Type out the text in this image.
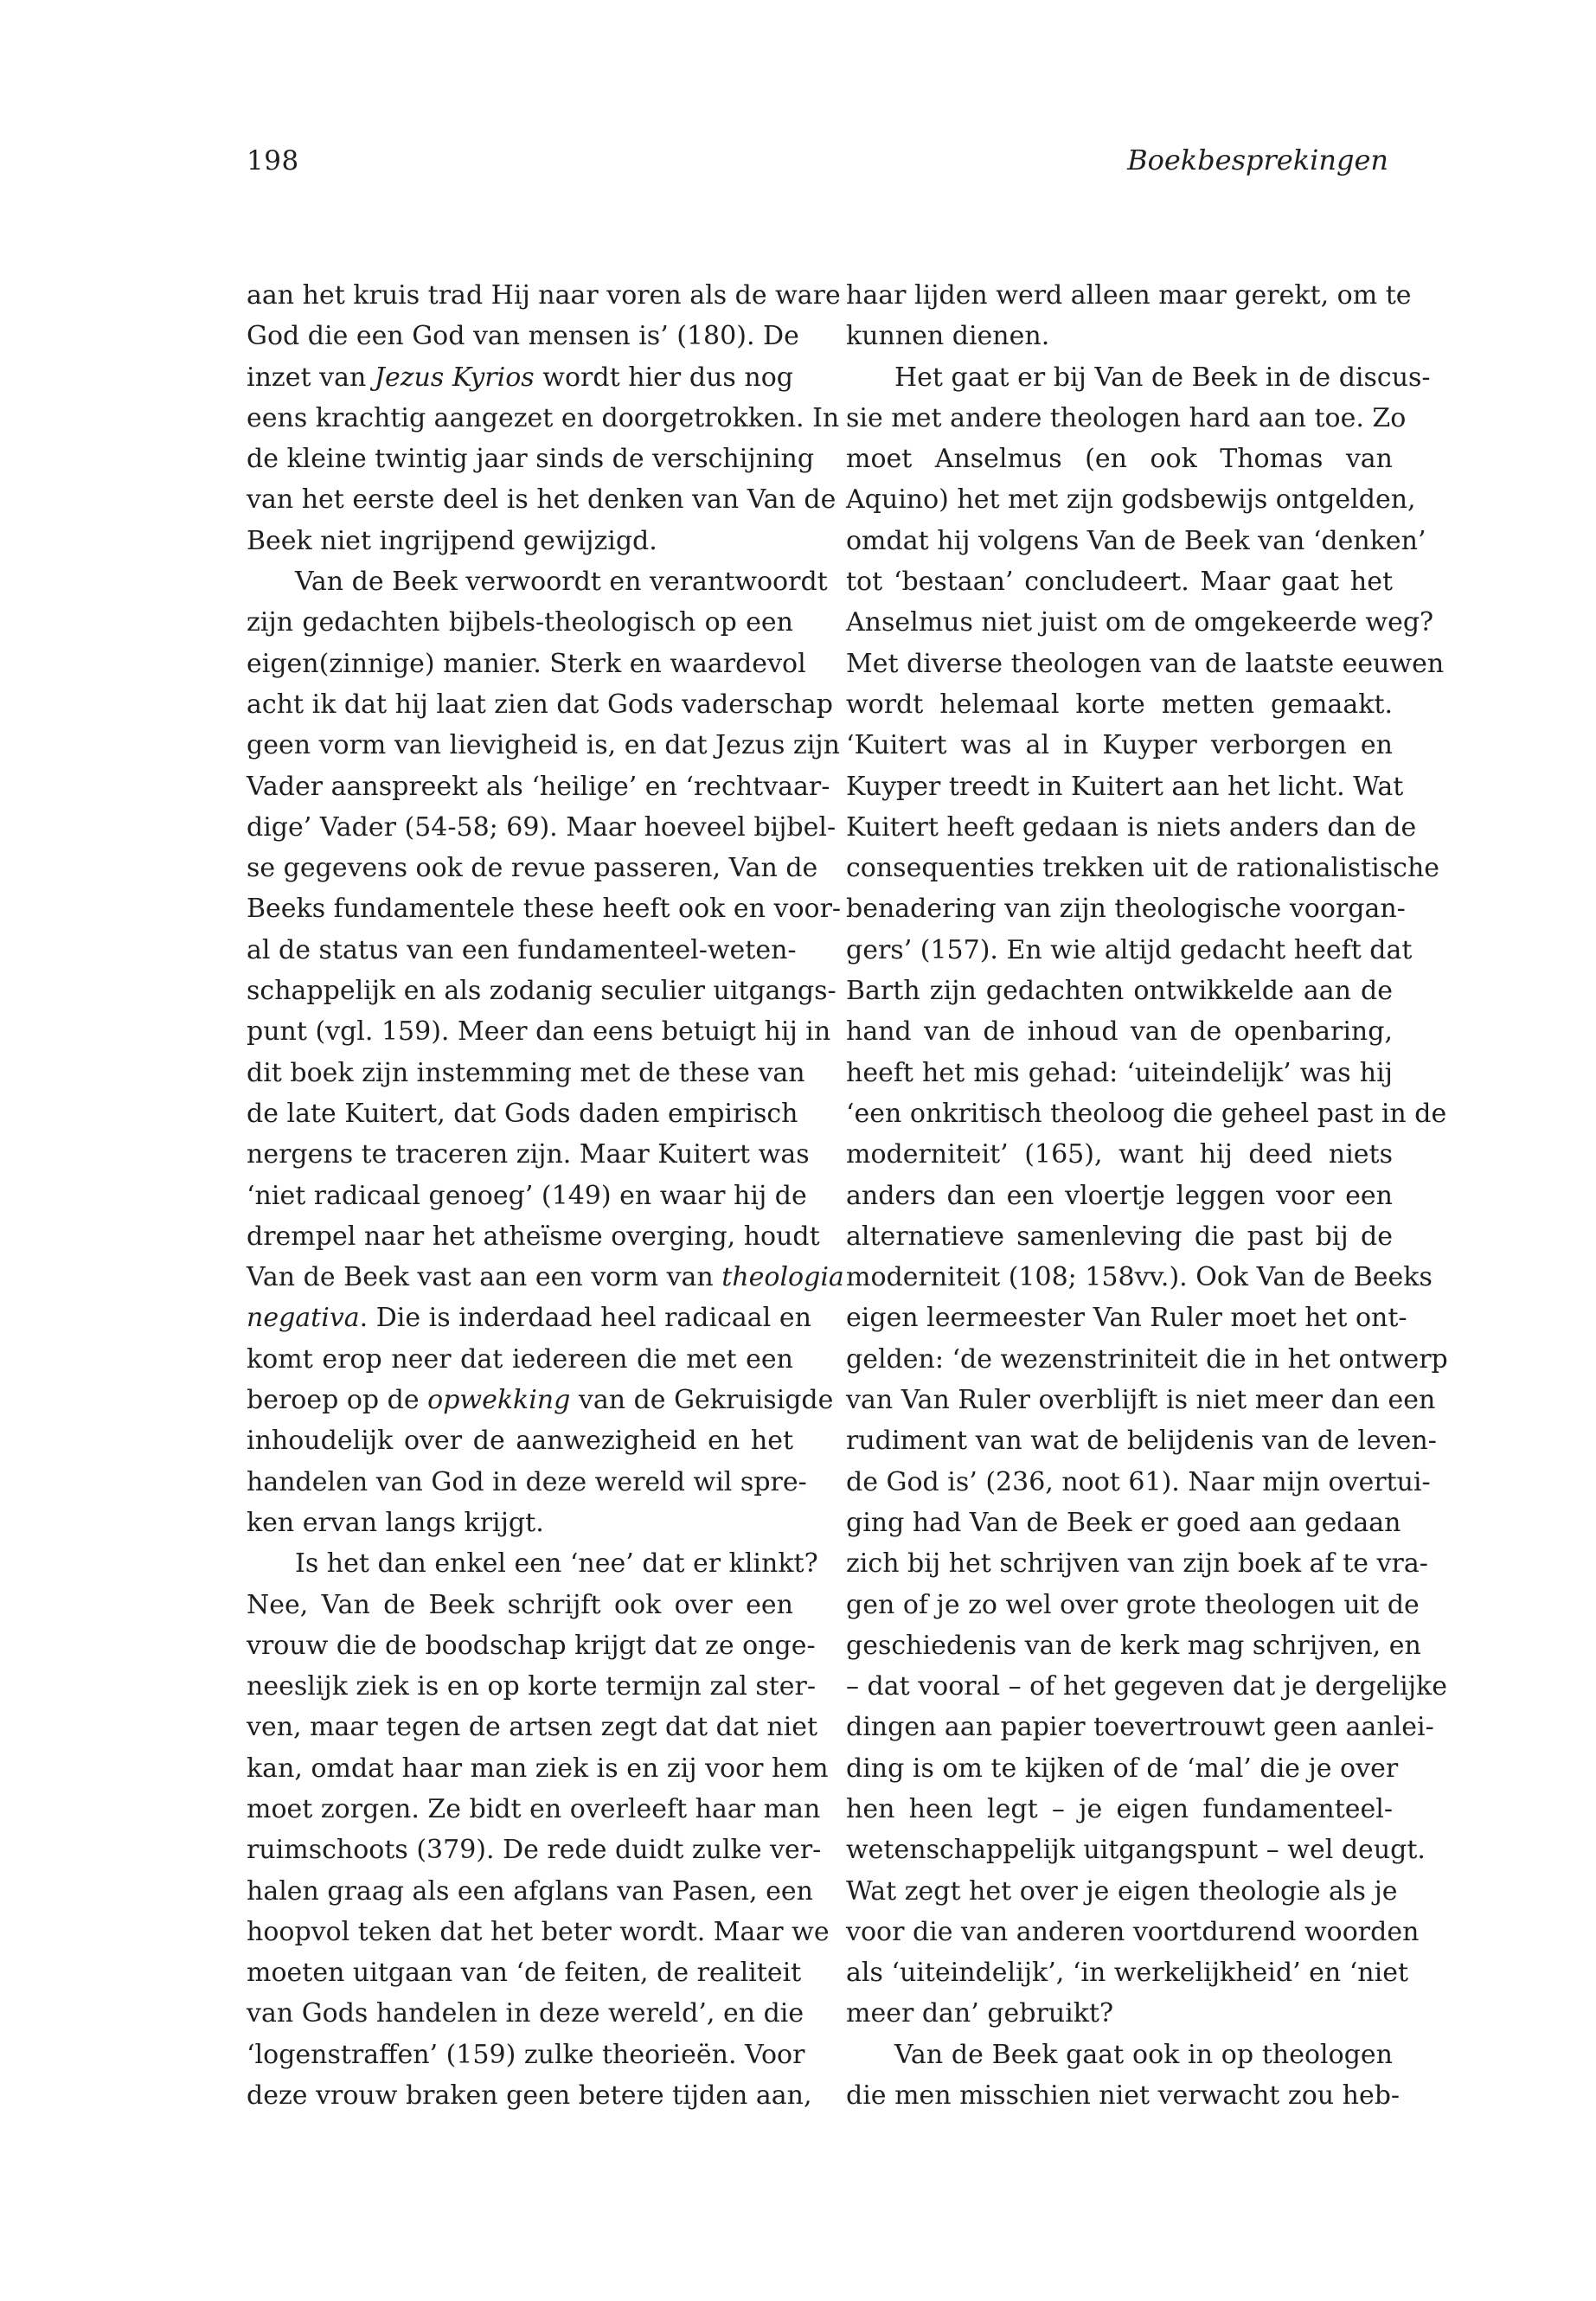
198	Boekbesprekingen
aan het kruis trad Hij naar voren als de ware
God die een God van mensen is’ (180). De
inzet van Jezus Kyrios wordt hier dus nog
eens krachtig aangezet en doorgetrokken. In
de kleine twintig jaar sinds de verschijning
van het eerste deel is het denken van Van de
Beek niet ingrijpend gewijzigd.
Van de Beek verwoordt en verantwoordt
zijn gedachten bijbels-theologisch op een
eigen(zinnige) manier. Sterk en waardevol
acht ik dat hij laat zien dat Gods vaderschap
geen vorm van lievigheid is, en dat Jezus zijn
Vader aanspreekt als ‘heilige’ en ‘rechtvaar-
dige’ Vader (54-58; 69). Maar hoeveel bijbel-
se gegevens ook de revue passeren, Van de
Beeks fundamentele these heeft ook en voor-
al de status van een fundamenteel-weten-
schappelijk en als zodanig seculier uitgangs-
punt (vgl. 159). Meer dan eens betuigt hij in
dit boek zijn instemming met de these van
de late Kuitert, dat Gods daden empirisch
nergens te traceren zijn. Maar Kuitert was
‘niet radicaal genoeg’ (149) en waar hij de
drempel naar het atheïsme overging, houdt
Van de Beek vast aan een vorm van theologia
negativa. Die is inderdaad heel radicaal en
komt erop neer dat iedereen die met een
beroep op de opwekking van de Gekruisigde
inhoudelijk over de aanwezigheid en het
handelen van God in deze wereld wil spre-
ken ervan langs krijgt.
Is het dan enkel een ‘nee’ dat er klinkt?
Nee, Van de Beek schrijft ook over een
vrouw die de boodschap krijgt dat ze onge-
neeslijk ziek is en op korte termijn zal ster-
ven, maar tegen de artsen zegt dat dat niet
kan, omdat haar man ziek is en zij voor hem
moet zorgen. Ze bidt en overleeft haar man
ruimschoots (379). De rede duidt zulke ver-
halen graag als een afglans van Pasen, een
hoopvol teken dat het beter wordt. Maar we
moeten uitgaan van ‘de feiten, de realiteit
van Gods handelen in deze wereld’, en die
‘logenstraffen’ (159) zulke theorieën. Voor
deze vrouw braken geen betere tijden aan,
haar lijden werd alleen maar gerekt, om te
kunnen dienen.
Het gaat er bij Van de Beek in de discus-
sie met andere theologen hard aan toe. Zo
moet Anselmus (en ook Thomas van
Aquino) het met zijn godsbewijs ontgelden,
omdat hij volgens Van de Beek van ‘denken’
tot ‘bestaan’ concludeert. Maar gaat het
Anselmus niet juist om de omgekeerde weg?
Met diverse theologen van de laatste eeuwen
wordt helemaal korte metten gemaakt.
‘Kuitert was al in Kuyper verborgen en
Kuyper treedt in Kuitert aan het licht. Wat
Kuitert heeft gedaan is niets anders dan de
consequenties trekken uit de rationalistische
benadering van zijn theologische voorgan-
gers’ (157). En wie altijd gedacht heeft dat
Barth zijn gedachten ontwikkelde aan de
hand van de inhoud van de openbaring,
heeft het mis gehad: ‘uiteindelijk’ was hij
‘een onkritisch theoloog die geheel past in de
moderniteit’ (165), want hij deed niets
anders dan een vloertje leggen voor een
alternatieve samenleving die past bij de
moderniteit (108; 158vv.). Ook Van de Beeks
eigen leermeester Van Ruler moet het ont-
gelden: ‘de wezenstriniteit die in het ontwerp
van Van Ruler overblijft is niet meer dan een
rudiment van wat de belijdenis van de leven-
de God is’ (236, noot 61). Naar mijn overtui-
ging had Van de Beek er goed aan gedaan
zich bij het schrijven van zijn boek af te vra-
gen of je zo wel over grote theologen uit de
geschiedenis van de kerk mag schrijven, en
– dat vooral – of het gegeven dat je dergelijke
dingen aan papier toevertrouwt geen aanlei-
ding is om te kijken of de ‘mal’ die je over
hen heen legt – je eigen fundamenteel-
wetenschappelijk uitgangspunt – wel deugt.
Wat zegt het over je eigen theologie als je
voor die van anderen voortdurend woorden
als ‘uiteindelijk’, ‘in werkelijkheid’ en ‘niet
meer dan’ gebruikt?
Van de Beek gaat ook in op theologen
die men misschien niet verwacht zou heb-
